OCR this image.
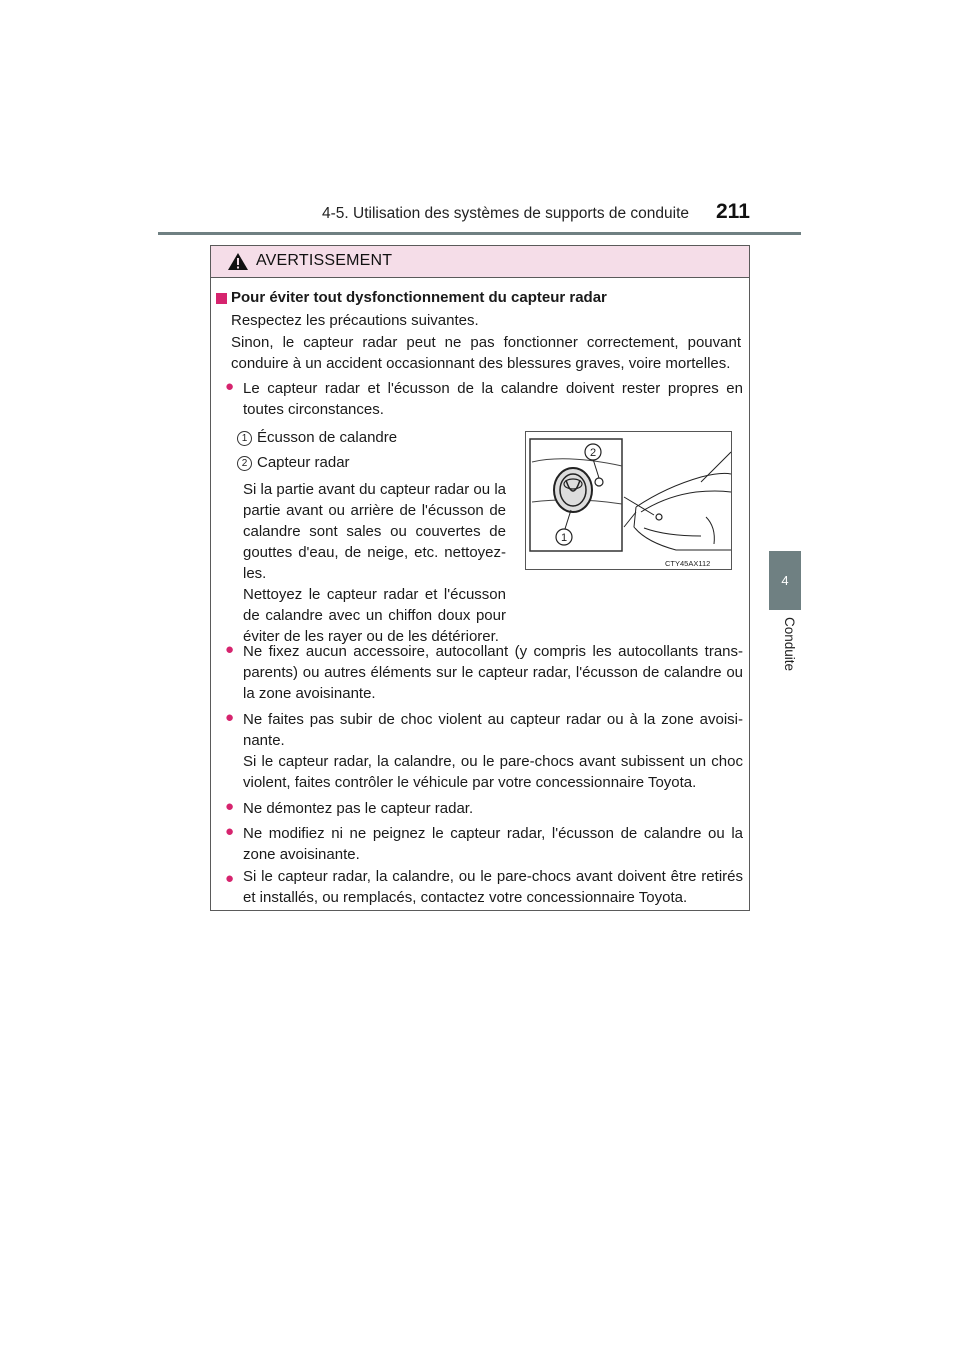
4-5. Utilisation des systèmes de supports de conduite 211
4
Conduite
AVERTISSEMENT
Pour éviter tout dysfonctionnement du capteur radar
Respectez les précautions suivantes.
Sinon, le capteur radar peut ne pas fonctionner correctement, pouvant
conduire à un accident occasionnant des blessures graves, voire mortelles.
● Le capteur radar et l'écusson de la calandre doivent rester propres en
toutes circonstances.
1 Écusson de calandre
2 Capteur radar
Si la partie avant du capteur radar ou la
partie avant ou arrière de l'écusson de
calandre sont sales ou couvertes de
gouttes d'eau, de neige, etc. nettoyez-
les.
Nettoyez le capteur radar et l'écusson
de calandre avec un chiffon doux pour
éviter de les rayer ou de les détériorer.
2
1
CTY45AX112
● Ne fixez aucun accessoire, autocollant (y compris les autocollants trans-
parents) ou autres éléments sur le capteur radar, l'écusson de calandre ou
la zone avoisinante.
● Ne faites pas subir de choc violent au capteur radar ou à la zone avoisi-
nante.
Si le capteur radar, la calandre, ou le pare-chocs avant subissent un choc
violent, faites contrôler le véhicule par votre concessionnaire Toyota.
● Ne démontez pas le capteur radar.
● Ne modifiez ni ne peignez le capteur radar, l'écusson de calandre ou la
zone avoisinante.
● Si le capteur radar, la calandre, ou le pare-chocs avant doivent être retirés
et installés, ou remplacés, contactez votre concessionnaire Toyota.
